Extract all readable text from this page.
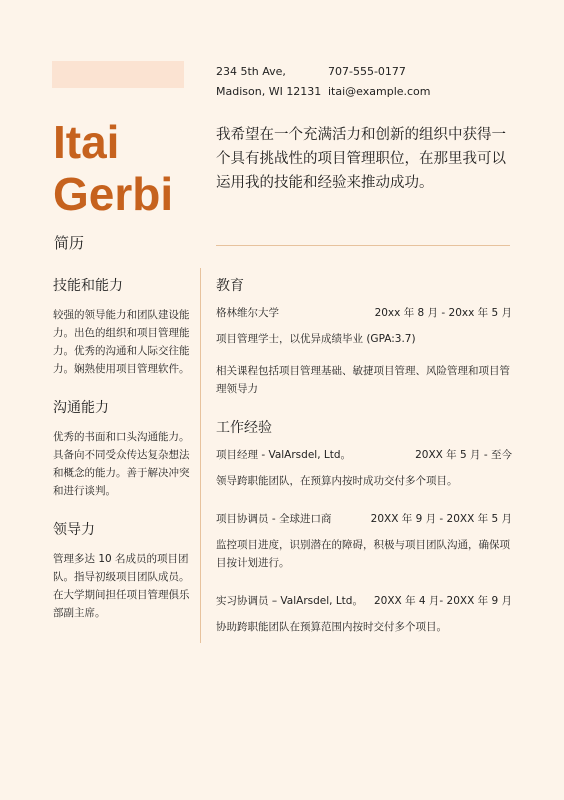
234 5th Ave,
Madison, WI 12131
707-555-0177
itai@example.com
Itai
Gerbi
简历
我希望在一个充满活力和创新的组织中获得一个具有挑战性的项目管理职位，在那里我可以运用我的技能和经验来推动成功。
技能和能力

较强的领导能力和团队建设能力。出色的组织和项目管理能力。优秀的沟通和人际交往能力。娴熟使用项目管理软件。

沟通能力

优秀的书面和口头沟通能力。具备向不同受众传达复杂想法和概念的能力。善于解决冲突和进行谈判。

领导力

管理多达 10 名成员的项目团队。指导初级项目团队成员。在大学期间担任项目管理俱乐部副主席。

教育
格林维尔大学	20xx 年 8 月 - 20xx 年 5 月
项目管理学士，以优异成绩毕业 (GPA:3.7)
相关课程包括项目管理基础、敏捷项目管理、风险管理和项目管理领导力
工作经验
项目经理 - ValArsdel, Ltd。	20XX 年 5 月 - 至今
领导跨职能团队，在预算内按时成功交付多个项目。
项目协调员 - 全球进口商	20XX 年 9 月 - 20XX 年 5 月
监控项目进度，识别潜在的障碍，积极与项目团队沟通，确保项目按计划进行。
实习协调员 – ValArsdel, Ltd。 20XX 年 4 月- 20XX 年 9 月
协助跨职能团队在预算范围内按时交付多个项目。
